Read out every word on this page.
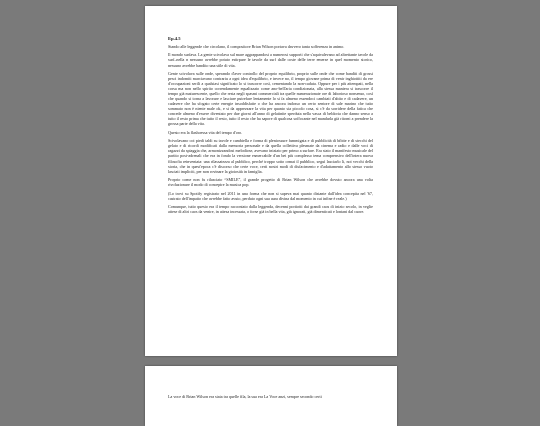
Ep.4.5

Stando alle leggende che circolano, il compositore Brian Wilson portava davvero tanta sofferenza in animo.

Il mondo surfava. La gente scivolava sul mare aggrappandosi a numerosi supporti che s'aquivalevano ad altrettante tavole da surf–nella n nessuno avrebbe potuto estirpare le tavole da surf dalle coste delle terre emerse in quel momento storico, nessuno avrebbe bandito una stile di vita.

Gente scivolava sulle onde, sperando d'aver controllo del proprio equilibrio, proprio sulle onde che come banditi di grossi pesci indomiti marciavano contrariu a ogni idea d'equilibrio, e invece no, il tempo giovane prima di venir inghiottiti da ere d'occupazioni serili a qualsiasi significato lo si trascorre così, cementando la non-caduta. Oppure per i più attempati, nella corsa ma non nello spirito correndamente equalizzato come ano-bell'aria condizionata, alla stessa maniera si trascorre il tempo già maturescente, quello che resta negli spasmi commerciali tra quelle numerazionate ore di laborioso nonsenso, così che quando si torna a lavorare e lasciare putrefare lentamente lo si fa almeno essendoci cambiati d'abito e di cadavere, un cadavere che ha sfogato certe energie insoddisfatte o che ha ancora indosso un certo sentore di sale marino che tutto sommato non è niente male ok, e si da apprezzare la vita per quanto sia piccolo cosa, si c'è da sorridere della fatica che concede almeno d'essere diventato per due giorni all'anno di gelatinite sperduta nella vasca di beldoria che danno senso a tutto il resto prima che tutto il resto, tutto il resto che ha sapore di qualcosa soffocante nel mandarla già ritorni a prendere la grossa parte della vita.

Questo era la flashoessa vita del tempo d'oro.

Scivolavano coi piedi taldi su tavole e cambiella e forma di pleniossure fummigata e di pubblicità di bibite e di stecchi del gelato e di ricordi modificati dalla memoria personale e da quella collettiva plesmate da cinema e radio e dalle voci di ragazzi da spiaggia che, armonizzandosi melodiose, avevano iniziato per primo a surfare. Era stato il manifesto musicale del partito post-adrenali che era in fondo la versione esmercabile d'un bei più complesso tema comprensivo dell'intera nuova filosofia reinventata: una rilassatezza al pubblico, perché troppo sotto ormai il pubblico, seguì lasciarlo li, noi vecchi della storia, che in quest'epoca c'è discorso che certe voce, certi nostri modi di disfacimento e d'adattamento allo stesso vuoto lasciati impliciti, per non rovinare la gioiosità in famiglia.

Proprio come non fu rilasciato “SMILE”, il grande progetto di Brian Wilson che avrebbe dovuto ancora una volta rivoluzionare il modo di concepire la musica pop.

(Lo trovi su Spotify registrato nel 2011 in una forma che non si sapeva mai quanto distante dall'idea concepita nel '67, castrato dell'impatto che avrebbe fatto avuto, perduto ogni sua aura divina dal momento in cui infine è reale.)

Comunque, tutto questo era il tempo raccontato dalla leggenda, decenni portiotti dai grandi caos di inizio secolo, in veglie attese di altri caos da venire, in attesa incessata, o forse già in bella vita, già ignorati, già dimenticati e lontani dal cuore.

La voce di Brian Wilson era stata tra quelle fila, la sua era La Voce anzi, sempre secondo certi
